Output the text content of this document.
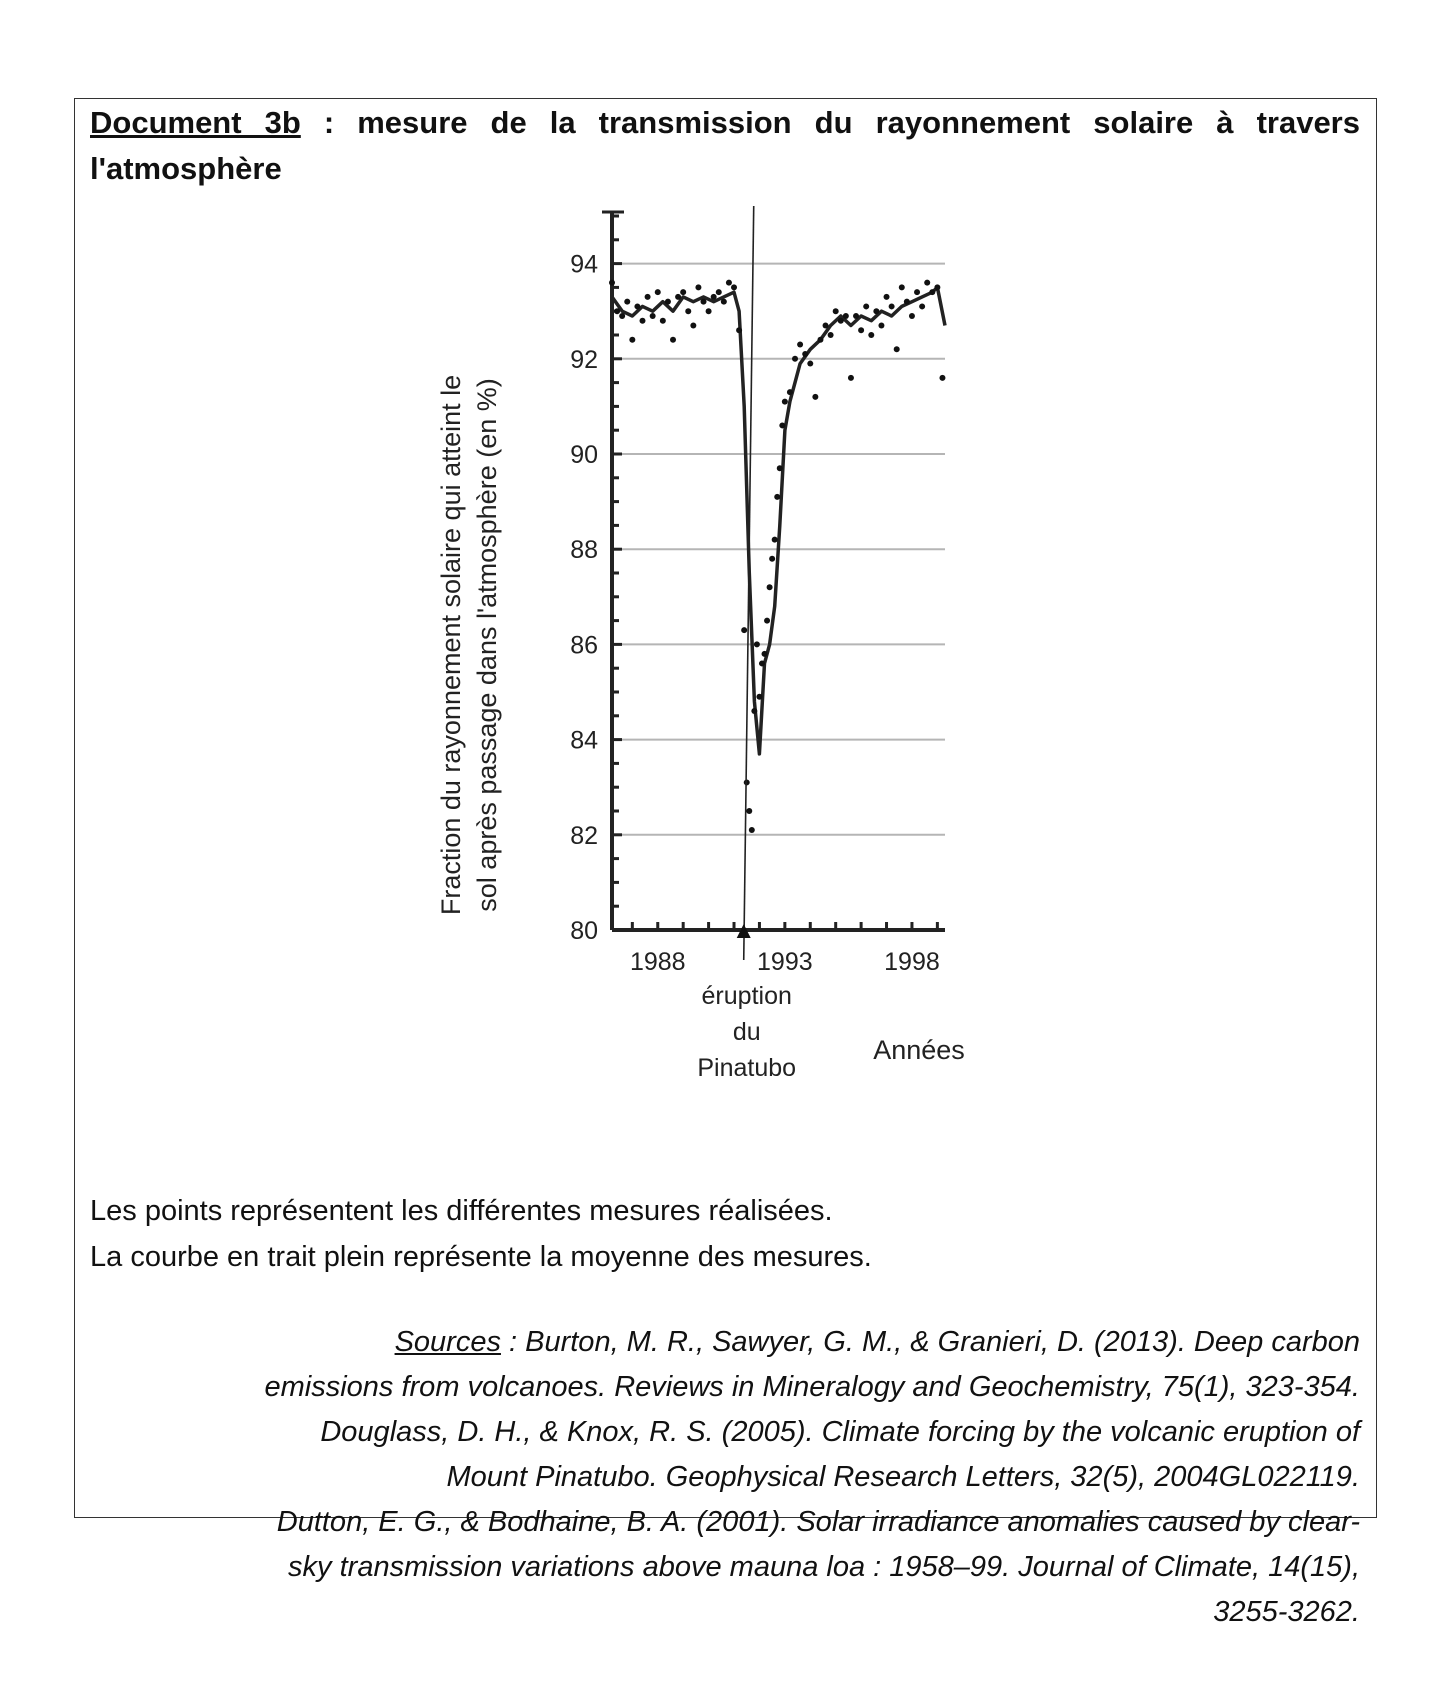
Document 3b : mesure de la transmission du rayonnement solaire à travers l'atmosphère
80
82
84
86
88
90
92
94
1988	1993	1998
éruption
du
Pinatubo
Fraction du rayonnement solaire qui atteint le sol après passage dans l'atmosphère (en %)
Années
Les points représentent les différentes mesures réalisées.
La courbe en trait plein représente la moyenne des mesures.
Sources : Burton, M. R., Sawyer, G. M., & Granieri, D. (2013). Deep carbon
emissions from volcanoes. Reviews in Mineralogy and Geochemistry, 75(1), 323-354.
Douglass, D. H., & Knox, R. S. (2005). Climate forcing by the volcanic eruption of
Mount Pinatubo. Geophysical Research Letters, 32(5), 2004GL022119.
Dutton, E. G., & Bodhaine, B. A. (2001). Solar irradiance anomalies caused by clear-
sky transmission variations above mauna loa : 1958–99. Journal of Climate, 14(15),
3255-3262.
